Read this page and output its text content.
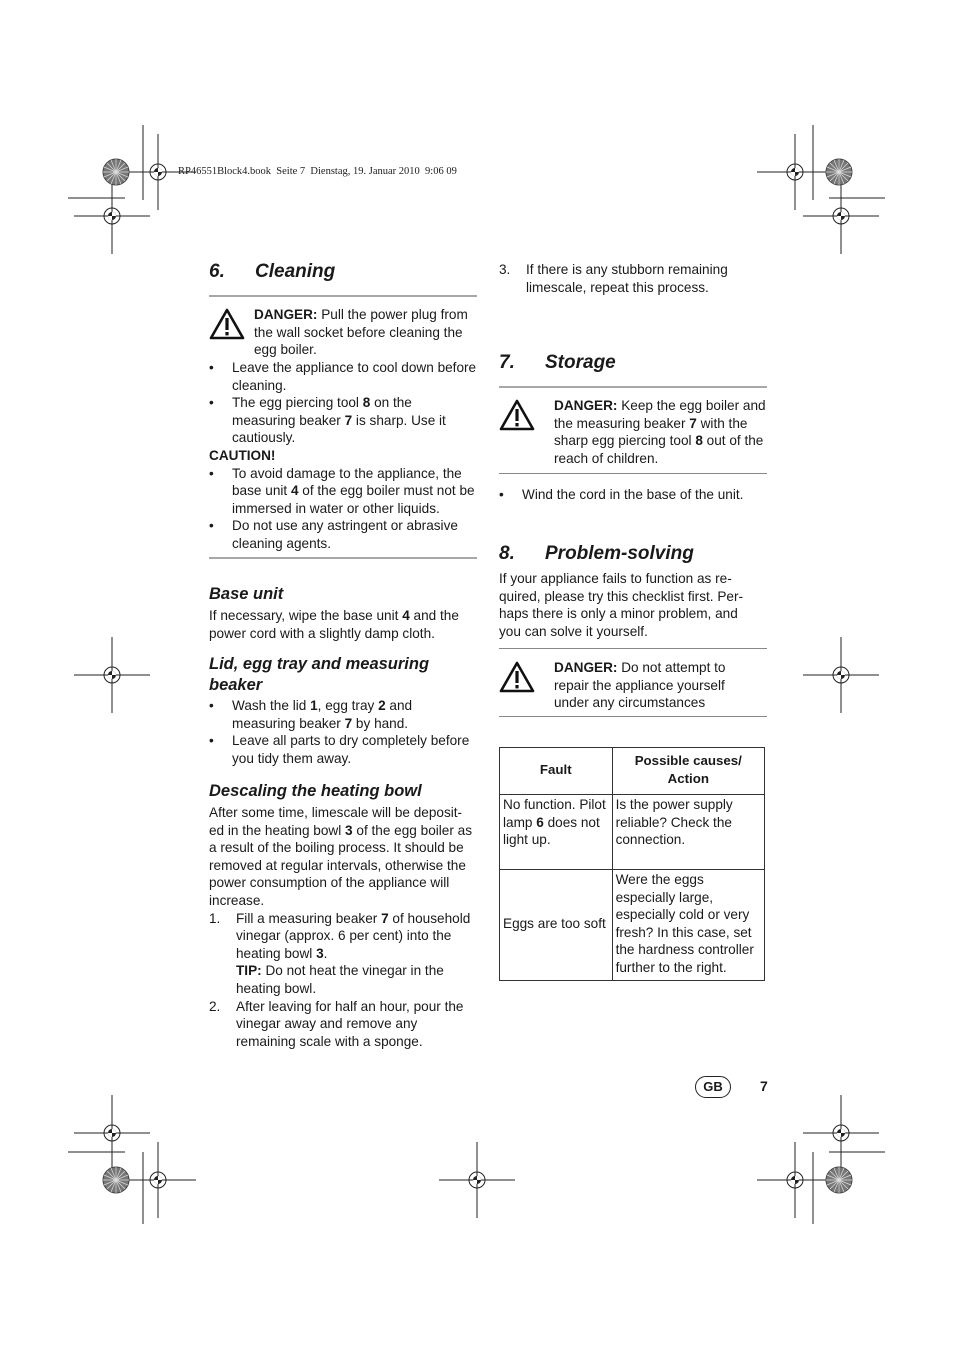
RP46551Block4.book  Seite 7  Dienstag, 19. Januar 2010  9:06 09
6. Cleaning
DANGER: Pull the power plug from the wall socket before cleaning the egg boiler.
• Leave the appliance to cool down before cleaning.
• The egg piercing tool 8 on the measuring beaker 7 is sharp. Use it cautiously.
CAUTION!
• To avoid damage to the appliance, the base unit 4 of the egg boiler must not be immersed in water or other liquids.
• Do not use any astringent or abrasive cleaning agents.
Base unit
If necessary, wipe the base unit 4 and the power cord with a slightly damp cloth.
Lid, egg tray and measuring beaker
• Wash the lid 1, egg tray 2 and measuring beaker 7 by hand.
• Leave all parts to dry completely before you tidy them away.
Descaling the heating bowl
After some time, limescale will be deposit-ed in the heating bowl 3 of the egg boiler as a result of the boiling process. It should be removed at regular intervals, otherwise the power consumption of the appliance will increase.
1. Fill a measuring beaker 7 of household vinegar (approx. 6 per cent) into the heating bowl 3.
TIP: Do not heat the vinegar in the heating bowl.
2. After leaving for half an hour, pour the vinegar away and remove any remaining scale with a sponge.
3. If there is any stubborn remaining limescale, repeat this process.
7. Storage
DANGER: Keep the egg boiler and the measuring beaker 7 with the sharp egg piercing tool 8 out of the reach of children.
• Wind the cord in the base of the unit.
8. Problem-solving
If your appliance fails to function as re-quired, please try this checklist first. Per-haps there is only a minor problem, and you can solve it yourself.
DANGER: Do not attempt to repair the appliance yourself under any circumstances
Fault	Possible causes/ Action
No function. Pilot lamp 6 does not light up.	Is the power supply reliable? Check the connection.
Eggs are too soft	Were the eggs especially large, especially cold or very fresh? In this case, set the hardness controller further to the right.
GB	7
